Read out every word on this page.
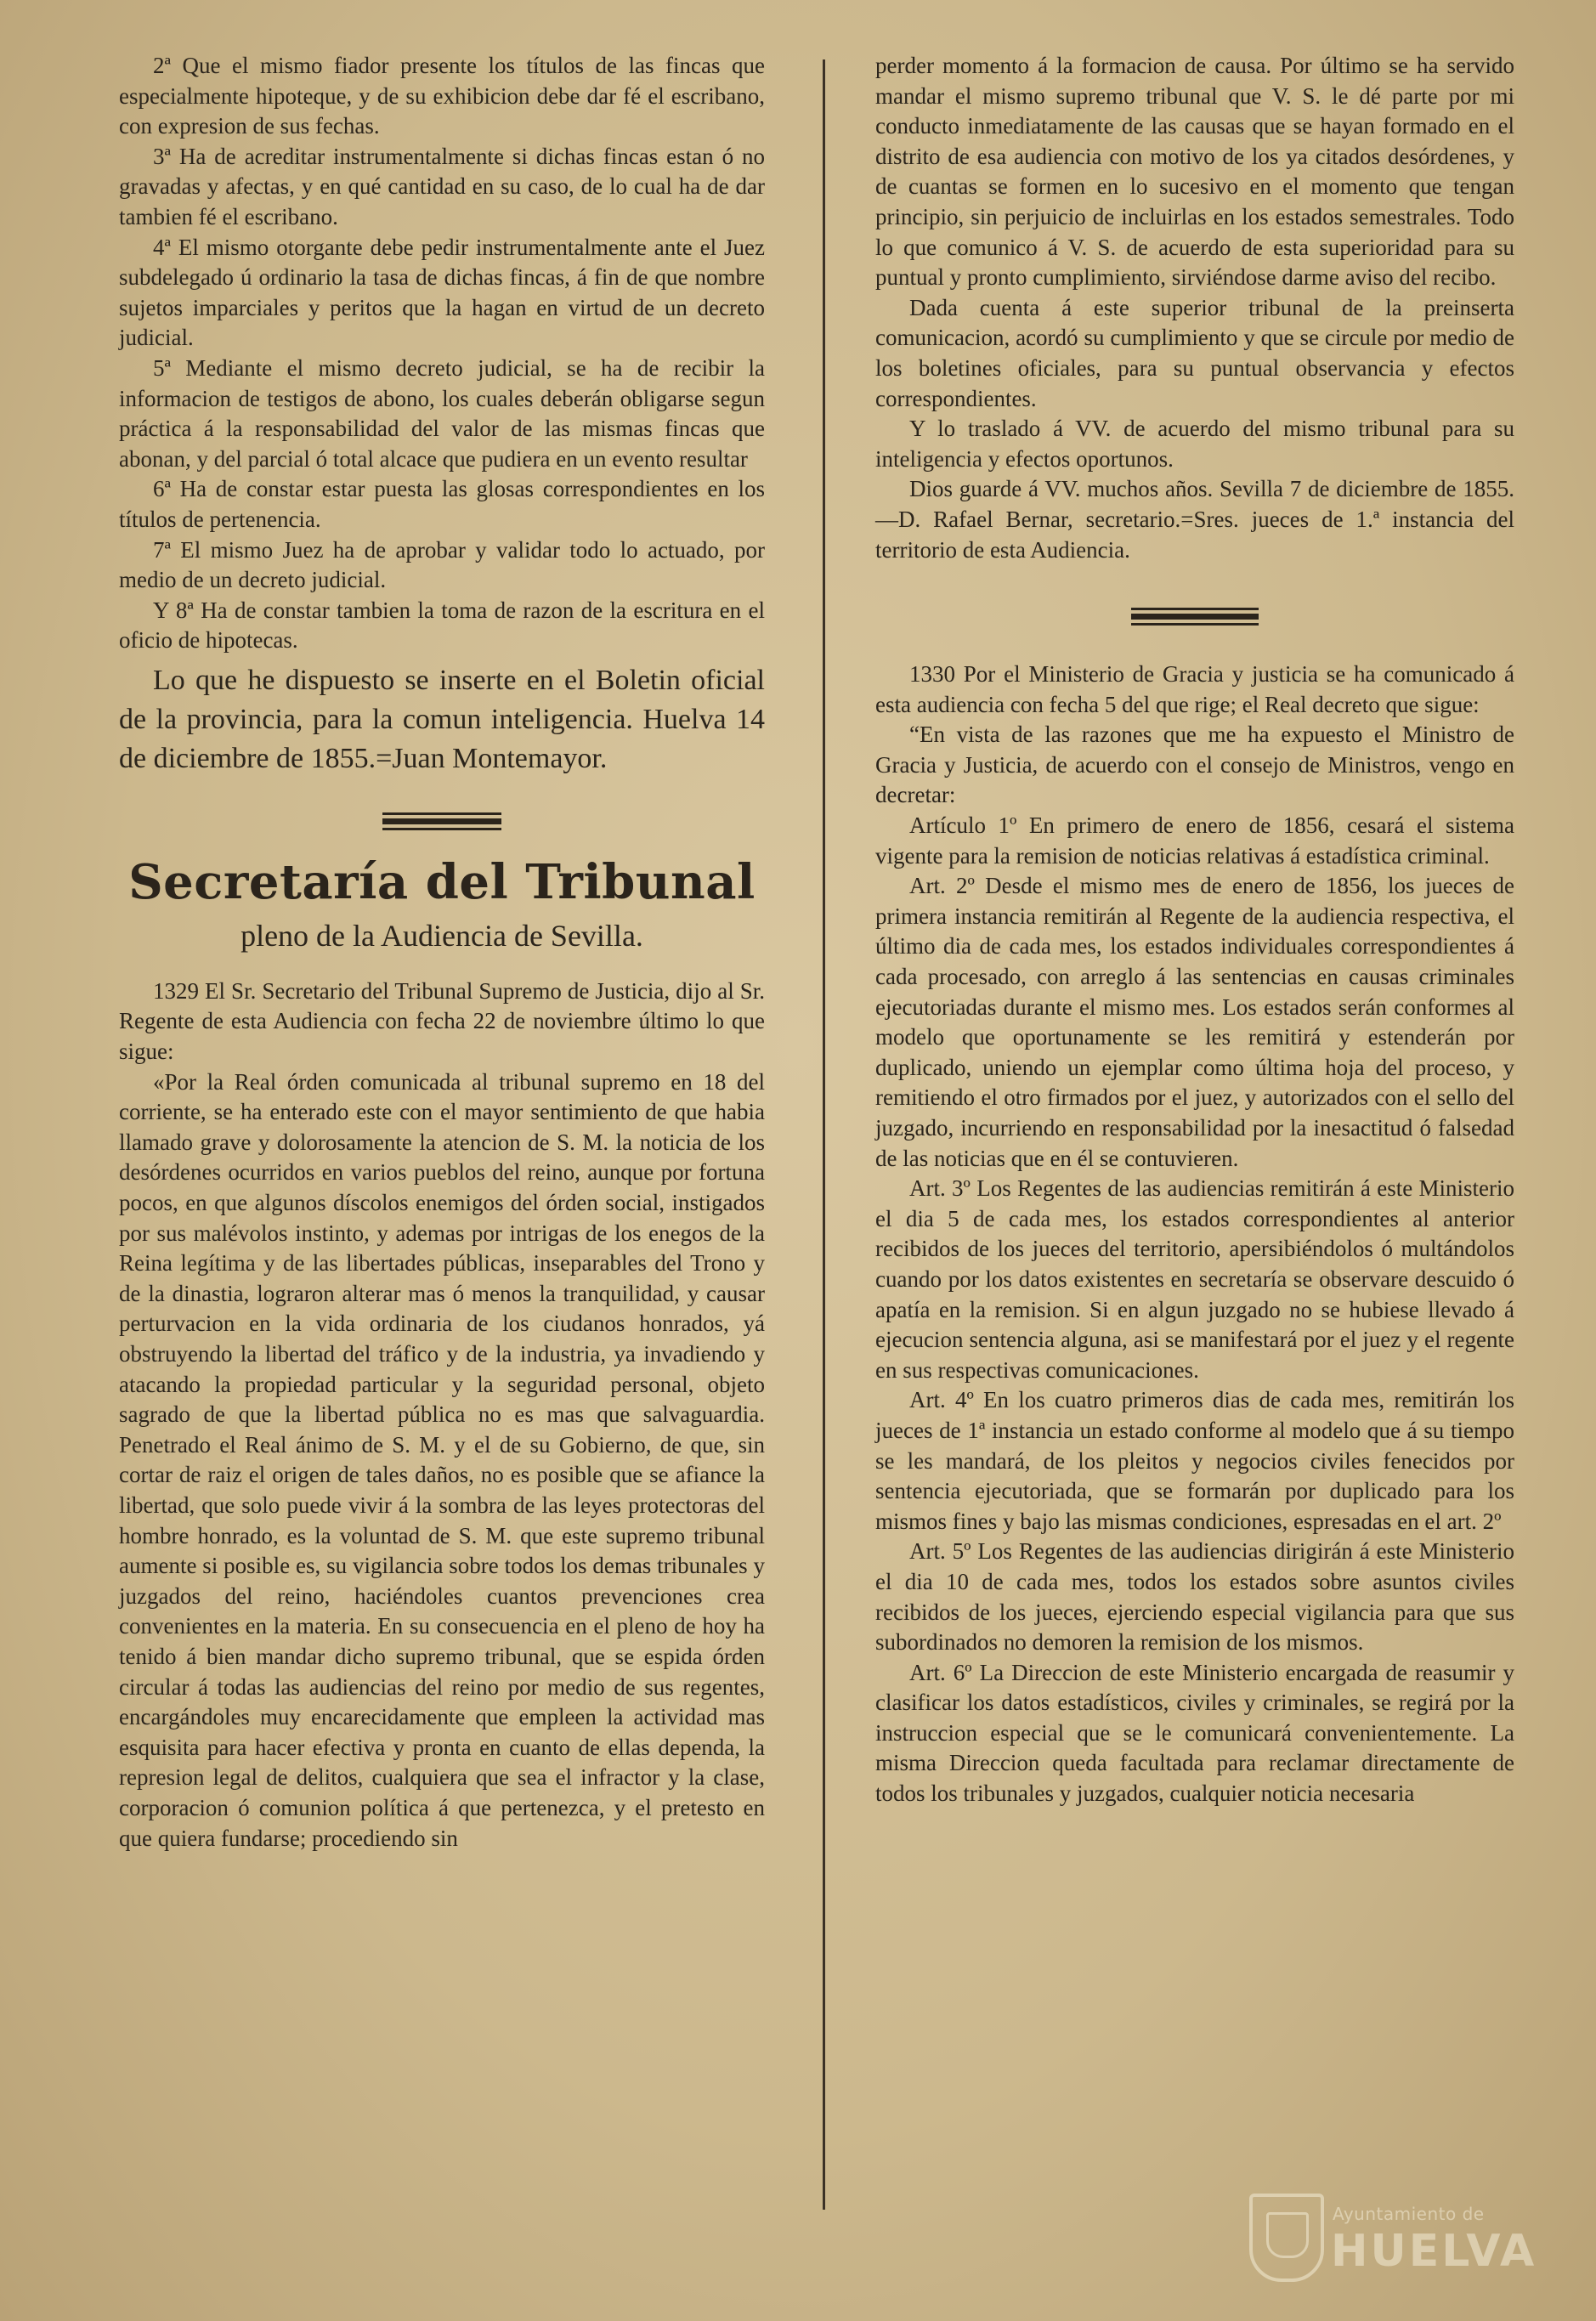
2ª Que el mismo fiador presente los títulos de las fincas que especialmente hipoteque, y de su exhibicion debe dar fé el escribano, con expresion de sus fechas.

3ª Ha de acreditar instrumentalmente si dichas fincas estan ó no gravadas y afectas, y en qué cantidad en su caso, de lo cual ha de dar tambien fé el escribano.

4ª El mismo otorgante debe pedir instrumentalmente ante el Juez subdelegado ú ordinario la tasa de dichas fincas, á fin de que nombre sujetos imparciales y peritos que la hagan en virtud de un decreto judicial.

5ª Mediante el mismo decreto judicial, se ha de recibir la informacion de testigos de abono, los cuales deberán obligarse segun práctica á la responsabilidad del valor de las mismas fincas que abonan, y del parcial ó total alcace que pudiera en un evento resultar

6ª Ha de constar estar puesta las glosas correspondientes en los títulos de pertenencia.

7ª El mismo Juez ha de aprobar y validar todo lo actuado, por medio de un decreto judicial.

Y 8ª Ha de constar tambien la toma de razon de la escritura en el oficio de hipotecas.

Lo que he dispuesto se inserte en el Boletin oficial de la provincia, para la comun inteligencia. Huelva 14 de diciembre de 1855.=Juan Montemayor.

Secretaría del Tribunal
pleno de la Audiencia de Sevilla.

1329 El Sr. Secretario del Tribunal Supremo de Justicia, dijo al Sr. Regente de esta Audiencia con fecha 22 de noviembre último lo que sigue:

«Por la Real órden comunicada al tribunal supremo en 18 del corriente, se ha enterado este con el mayor sentimiento de que habia llamado grave y dolorosamente la atencion de S. M. la noticia de los desórdenes ocurridos en varios pueblos del reino, aunque por fortuna pocos, en que algunos díscolos enemigos del órden social, instigados por sus malévolos instinto, y ademas por intrigas de los enegos de la Reina legítima y de las libertades públicas, inseparables del Trono y de la dinastia, lograron alterar mas ó menos la tranquilidad, y causar perturvacion en la vida ordinaria de los ciudanos honrados, yá obstruyendo la libertad del tráfico y de la industria, ya invadiendo y atacando la propiedad particular y la seguridad personal, objeto sagrado de que la libertad pública no es mas que salvaguardia. Penetrado el Real ánimo de S. M. y el de su Gobierno, de que, sin cortar de raiz el origen de tales daños, no es posible que se afiance la libertad, que solo puede vivir á la sombra de las leyes protectoras del hombre honrado, es la voluntad de S. M. que este supremo tribunal aumente si posible es, su vigilancia sobre todos los demas tribunales y juzgados del reino, haciéndoles cuantos prevenciones crea convenientes en la materia. En su consecuencia en el pleno de hoy ha tenido á bien mandar dicho supremo tribunal, que se espida órden circular á todas las audiencias del reino por medio de sus regentes, encargándoles muy encarecidamente que empleen la actividad mas esquisita para hacer efectiva y pronta en cuanto de ellas dependa, la represion legal de delitos, cualquiera que sea el infractor y la clase, corporacion ó comunion política á que pertenezca, y el pretesto en que quiera fundarse; procediendo sin

perder momento á la formacion de causa. Por último se ha servido mandar el mismo supremo tribunal que V. S. le dé parte por mi conducto inmediatamente de las causas que se hayan formado en el distrito de esa audiencia con motivo de los ya citados desórdenes, y de cuantas se formen en lo sucesivo en el momento que tengan principio, sin perjuicio de incluirlas en los estados semestrales. Todo lo que comunico á V. S. de acuerdo de esta superioridad para su puntual y pronto cumplimiento, sirviéndose darme aviso del recibo.

Dada cuenta á este superior tribunal de la preinserta comunicacion, acordó su cumplimiento y que se circule por medio de los boletines oficiales, para su puntual observancia y efectos correspondientes.

Y lo traslado á VV. de acuerdo del mismo tribunal para su inteligencia y efectos oportunos.

Dios guarde á VV. muchos años. Sevilla 7 de diciembre de 1855.—D. Rafael Bernar, secretario.=Sres. jueces de 1.ª instancia del territorio de esta Audiencia.

1330 Por el Ministerio de Gracia y justicia se ha comunicado á esta audiencia con fecha 5 del que rige; el Real decreto que sigue:

“En vista de las razones que me ha expuesto el Ministro de Gracia y Justicia, de acuerdo con el consejo de Ministros, vengo en decretar:

Artículo 1º En primero de enero de 1856, cesará el sistema vigente para la remision de noticias relativas á estadística criminal.

Art. 2º Desde el mismo mes de enero de 1856, los jueces de primera instancia remitirán al Regente de la audiencia respectiva, el último dia de cada mes, los estados individuales correspondientes á cada procesado, con arreglo á las sentencias en causas criminales ejecutoriadas durante el mismo mes. Los estados serán conformes al modelo que oportunamente se les remitirá y estenderán por duplicado, uniendo un ejemplar como última hoja del proceso, y remitiendo el otro firmados por el juez, y autorizados con el sello del juzgado, incurriendo en responsabilidad por la inesactitud ó falsedad de las noticias que en él se contuvieren.

Art. 3º Los Regentes de las audiencias remitirán á este Ministerio el dia 5 de cada mes, los estados correspondientes al anterior recibidos de los jueces del territorio, apersibiéndolos ó multándolos cuando por los datos existentes en secretaría se observare descuido ó apatía en la remision. Si en algun juzgado no se hubiese llevado á ejecucion sentencia alguna, asi se manifestará por el juez y el regente en sus respectivas comunicaciones.

Art. 4º En los cuatro primeros dias de cada mes, remitirán los jueces de 1ª instancia un estado conforme al modelo que á su tiempo se les mandará, de los pleitos y negocios civiles fenecidos por sentencia ejecutoriada, que se formarán por duplicado para los mismos fines y bajo las mismas condiciones, espresadas en el art. 2º

Art. 5º Los Regentes de las audiencias dirigirán á este Ministerio el dia 10 de cada mes, todos los estados sobre asuntos civiles recibidos de los jueces, ejerciendo especial vigilancia para que sus subordinados no demoren la remision de los mismos.

Art. 6º La Direccion de este Ministerio encargada de reasumir y clasificar los datos estadísticos, civiles y criminales, se regirá por la instruccion especial que se le comunicará convenientemente. La misma Direccion queda facultada para reclamar directamente de todos los tribunales y juzgados, cualquier noticia necesaria

Ayuntamiento de
HUELVA
